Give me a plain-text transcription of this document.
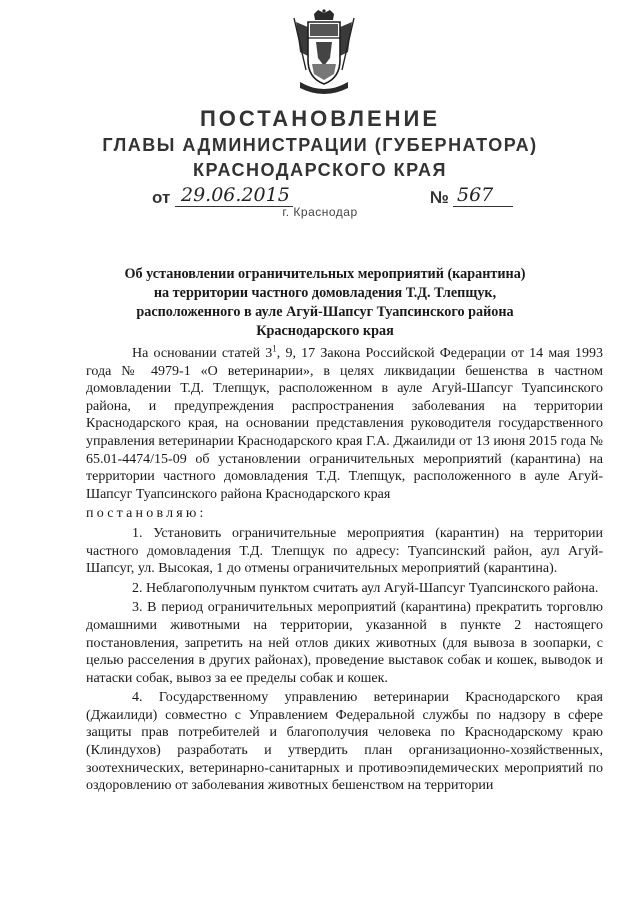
ПОСТАНОВЛЕНИЕ
ГЛАВЫ АДМИНИСТРАЦИИ (ГУБЕРНАТОРА)
КРАСНОДАРСКОГО КРАЯ
от 29.06.2015	№ 567
г. Краснодар
Об установлении ограничительных мероприятий (карантина) на территории частного домовладения Т.Д. Тлепщук, расположенного в ауле Агуй-Шапсуг Туапсинского района Краснодарского края

На основании статей $3^1$, 9, 17 Закона Российской Федерации от 14 мая 1993 года № 4979-1 «О ветеринарии», в целях ликвидации бешенства в частном домовладении Т.Д. Тлепщук, расположенном в ауле Агуй-Шапсуг Туапсинского района, и предупреждения распространения заболевания на территории Краснодарского края, на основании представления руководителя государственного управления ветеринарии Краснодарского края Г.А. Джаилиди от 13 июня 2015 года № 65.01-4474/15-09 об установлении ограничительных мероприятий (карантина) на территории частного домовладения Т.Д. Тлепщук, расположенного в ауле Агуй-Шапсуг Туапсинского района Краснодарского края

постановляю:

1. Установить ограничительные мероприятия (карантин) на территории частного домовладения Т.Д. Тлепщук по адресу: Туапсинский район, аул Агуй-Шапсуг, ул. Высокая, 1 до отмены ограничительных мероприятий (карантина).

2. Неблагополучным пунктом считать аул Агуй-Шапсуг Туапсинского района.

3. В период ограничительных мероприятий (карантина) прекратить торговлю домашними животными на территории, указанной в пункте 2 настоящего постановления, запретить на ней отлов диких животных (для вывоза в зоопарки, с целью расселения в других районах), проведение выставок собак и кошек, выводок и натаски собак, вывоз за ее пределы собак и кошек.

4. Государственному управлению ветеринарии Краснодарского края (Джаилиди) совместно с Управлением Федеральной службы по надзору в сфере защиты прав потребителей и благополучия человека по Краснодарскому краю (Клиндухов) разработать и утвердить план организационно-хозяйственных, зоотехнических, ветеринарно-санитарных и противоэпидемических мероприятий по оздоровлению от заболевания животных бешенством на территории
